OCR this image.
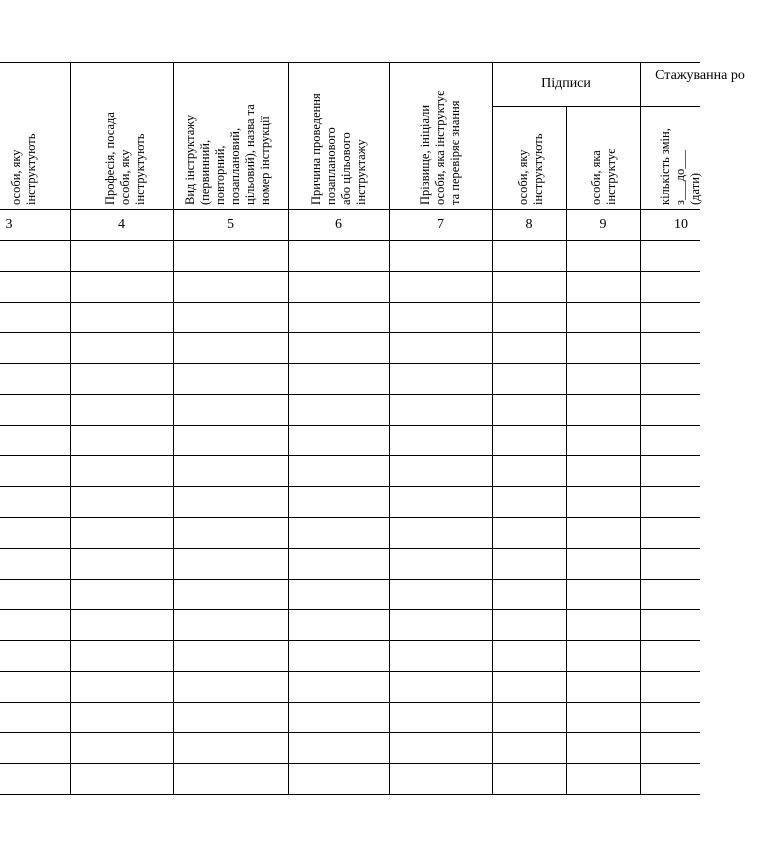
особи, яку інструктують	Професія, посада особи, яку інструктують	Вид інструктажу (первинний, повторний, позаплановий, цільовий), назва та номер інструкції	Причина проведення позапланового або цільового інструктажу	Прізвище, ініціали особи, яка інструктує та перевіряє знання	особи, яку інструктують	особи, яка інструктує	кількість змін, з___до___ (дати)
Підписи
Стажуванна ро
3	4	5	6	7	8	9	10
